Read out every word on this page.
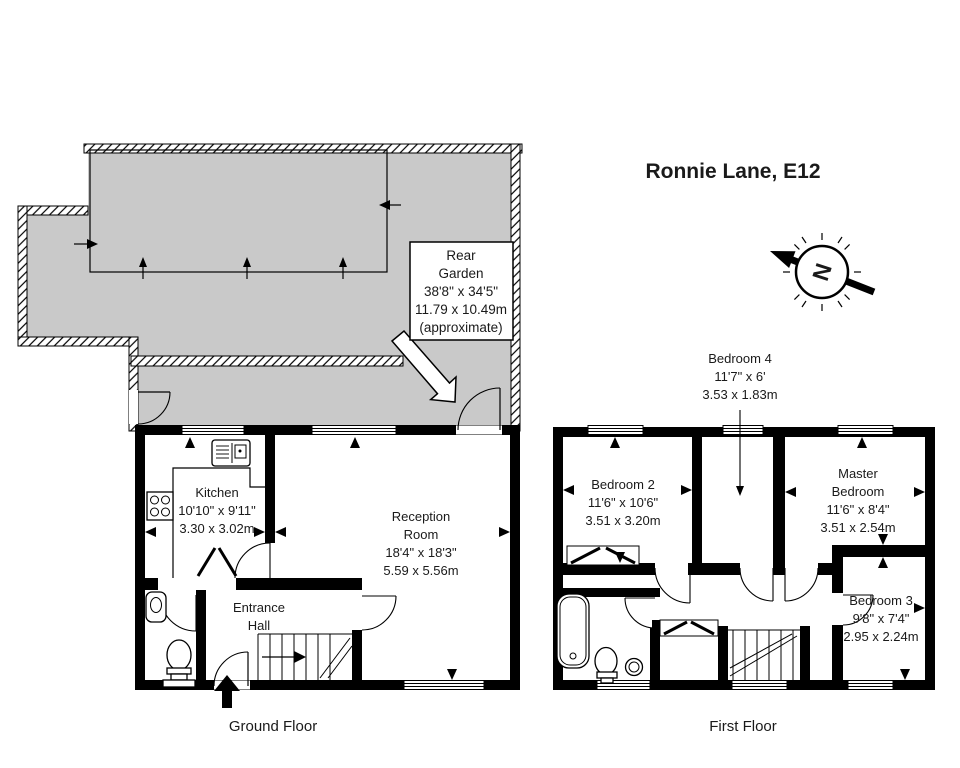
Rear
Garden
38'8" x 34'5"
11.79 x 10.49m
(approximate)
Ronnie Lane, E12
N
Kitchen
10'10" x 9'11"
3.30 x 3.02m
Reception
Room
18'4" x 18'3"
5.59 x 5.56m
Entrance
Hall
Ground Floor
Bedroom 4
11'7" x 6'
3.53 x 1.83m
Bedroom 2
11'6" x 10'6"
3.51 x 3.20m
Master
Bedroom
11'6" x 8'4"
3.51 x 2.54m
Bedroom 3
9'8" x 7'4"
2.95 x 2.24m
First Floor
